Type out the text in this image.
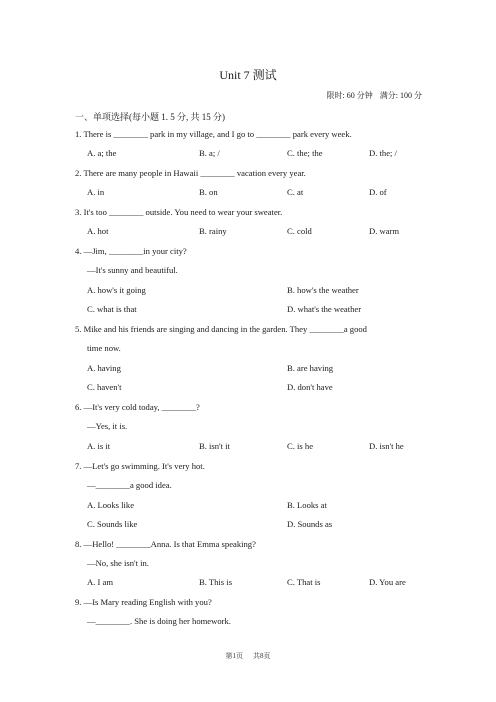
Unit 7 测试
限时: 60 分钟 满分: 100 分
一、单项选择(每小题 1. 5 分, 共 15 分)
1. There is ________ park in my village, and I go to ________ park every week.
A. a; the	B. a; /	C. the; the	D. the; /
2. There are many people in Hawaii ________ vacation every year.
A. in	B. on	C. at	D. of
3. It's too ________ outside. You need to wear your sweater.
A. hot	B. rainy	C. cold	D. warm
4. —Jim, ________in your city?
—It's sunny and beautiful.
A. how's it going	B. how's the weather
C. what is that	D. what's the weather
5. Mike and his friends are singing and dancing in the garden. They ________a good
time now.
A. having	B. are having
C. haven't	D. don't have
6. —It's very cold today, ________?
—Yes, it is.
A. is it	B. isn't it	C. is he	D. isn't he
7. —Let's go swimming. It's very hot.
—________a good idea.
A. Looks like	B. Looks at
C. Sounds like	D. Sounds as
8. —Hello! ________Anna. Is that Emma speaking?
—No, she isn't in.
A. I am	B. This is	C. That is	D. You are
9. —Is Mary reading English with you?
—________. She is doing her homework.
第1页 共8页
